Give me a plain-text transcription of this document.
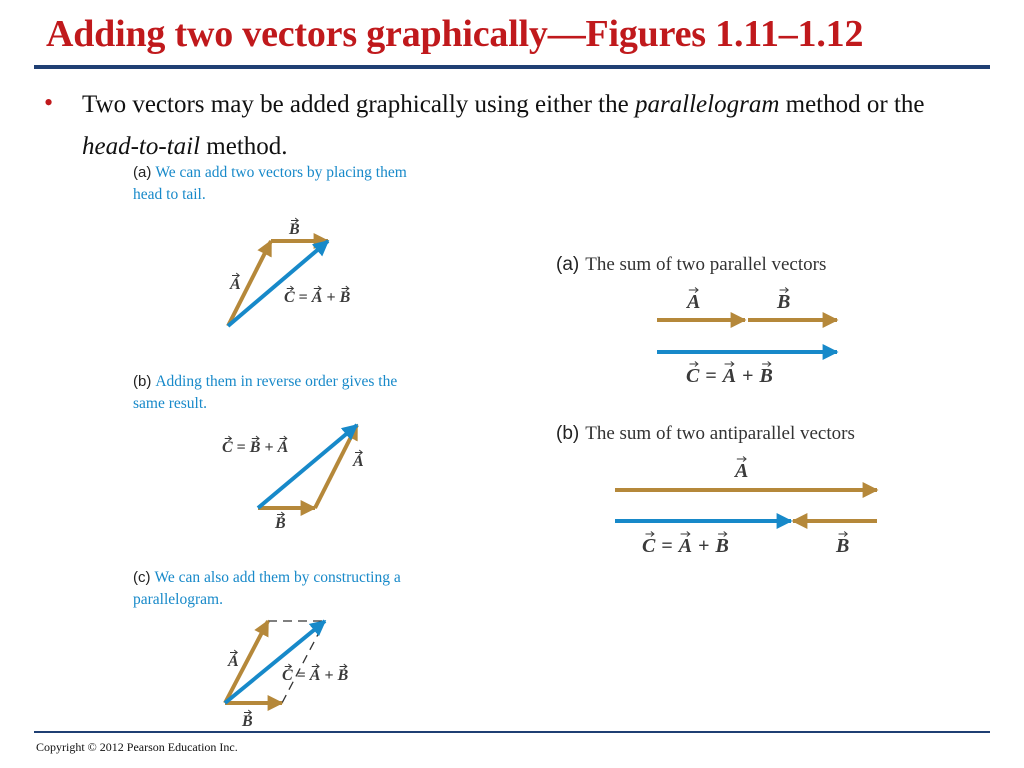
Adding two vectors graphically—Figures 1.11–1.12
• Two vectors may be added graphically using either the parallelogram method or the head-to-tail method.
(a) We can add two vectors by placing them
head to tail.
B
A
C = A + B
(b) Adding them in reverse order gives the
same result.
C = B + A
A
B
(c) We can also add them by constructing a
parallelogram.
A
C = A + B
B
(a) The sum of two parallel vectors
A	B
C = A + B
(b) The sum of two antiparallel vectors
A
C = A + B	B
Copyright © 2012 Pearson Education Inc.
